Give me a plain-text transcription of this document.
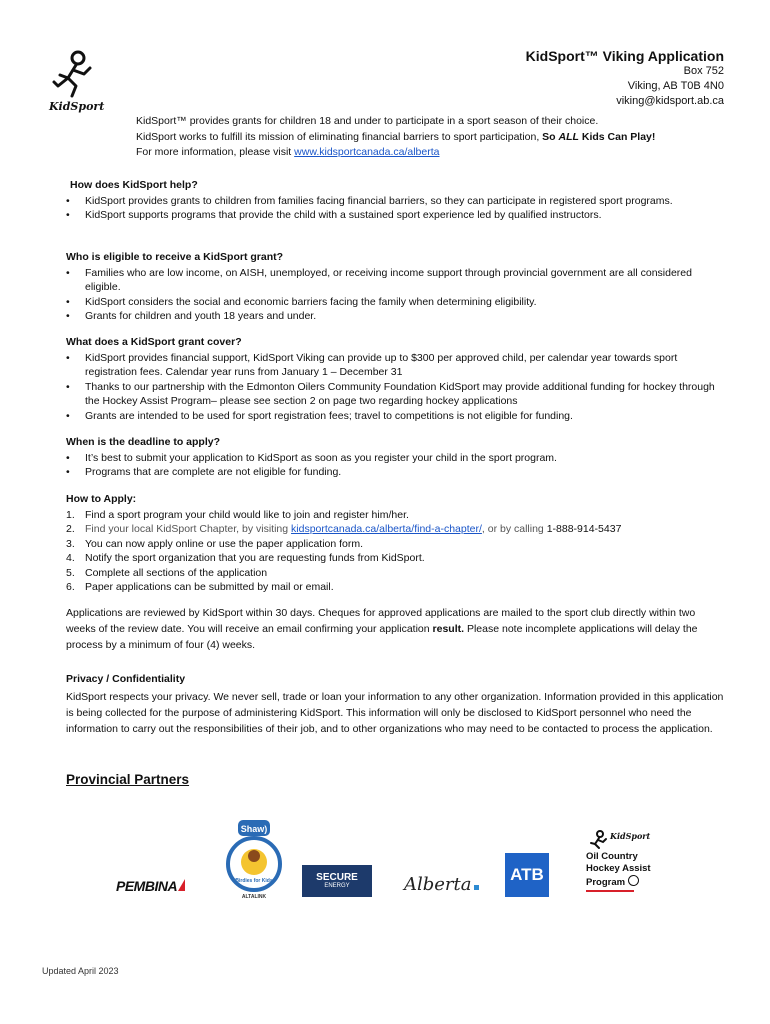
KidSport
KidSport™ Viking Application
Box 752
Viking, AB T0B 4N0
viking@kidsport.ab.ca

KidSport™ provides grants for children 18 and under to participate in a sport season of their choice.

KidSport works to fulfill its mission of eliminating financial barriers to sport participation, So ALL Kids Can Play!

For more information, please visit www.kidsportcanada.ca/alberta

How does KidSport help?
• KidSport provides grants to children from families facing financial barriers, so they can participate in registered sport programs.
• KidSport supports programs that provide the child with a sustained sport experience led by qualified instructors.
Who is eligible to receive a KidSport grant?
• Families who are low income, on AISH, unemployed, or receiving income support through provincial government are all considered eligible.
• KidSport considers the social and economic barriers facing the family when determining eligibility.
• Grants for children and youth 18 years and under.
What does a KidSport grant cover?
• KidSport provides financial support, KidSport Viking can provide up to $300 per approved child, per calendar year towards sport registration fees. Calendar year runs from January 1 – December 31
• Thanks to our partnership with the Edmonton Oilers Community Foundation KidSport may provide additional funding for hockey through the Hockey Assist Program– please see section 2 on page two regarding hockey applications
• Grants are intended to be used for sport registration fees; travel to competitions is not eligible for funding.
When is the deadline to apply?
• It’s best to submit your application to KidSport as soon as you register your child in the sport program.
• Programs that are complete are not eligible for funding.
How to Apply:
1. Find a sport program your child would like to join and register him/her.
2. Find your local KidSport Chapter, by visiting kidsportcanada.ca/alberta/find-a-chapter/, or by calling 1-888-914-5437
3. You can now apply online or use the paper application form.
4. Notify the sport organization that you are requesting funds from KidSport.
5. Complete all sections of the application
6. Paper applications can be submitted by mail or email.
Applications are reviewed by KidSport within 30 days. Cheques for approved applications are mailed to the sport club directly within two weeks of the review date. You will receive an email confirming your application result. Please note incomplete applications will delay the process by a minimum of four (4) weeks.
Privacy / Confidentiality
KidSport respects your privacy. We never sell, trade or loan your information to any other organization. Information provided in this application is being collected for the purpose of administering KidSport. This information will only be disclosed to KidSport personnel who need the information to carry out the responsibilities of their job, and to other organizations who may need to be contacted to process the application.
Provincial Partners
PEMBINA
Shaw)
Birdies for Kids
ALTALINK
SECURE
ENERGY	Alberta	ATB
$^{KidSport}$
Oil Country
Hockey Assist
Program
Updated April 2023
